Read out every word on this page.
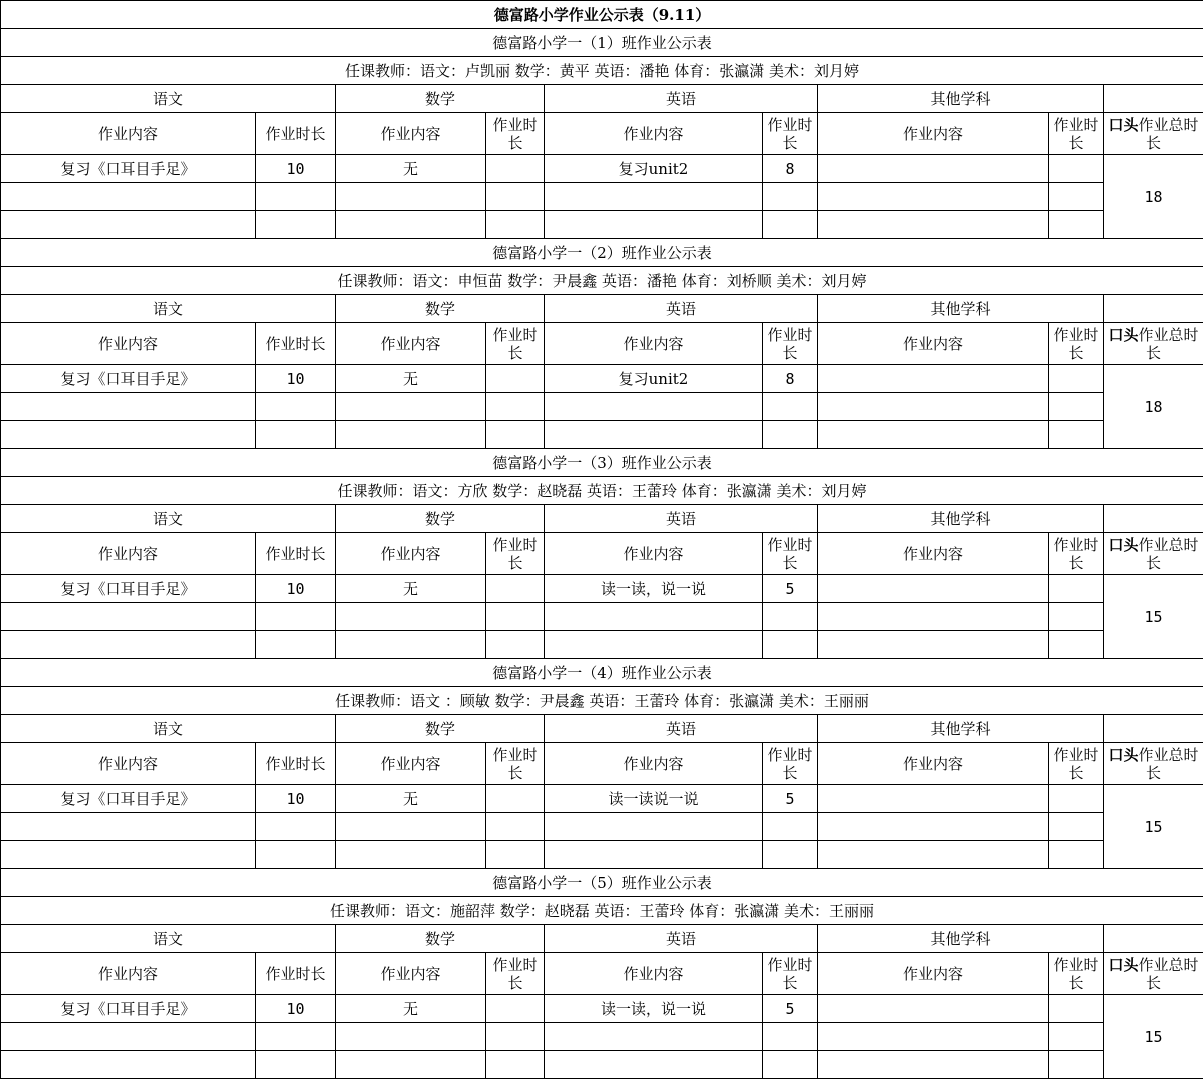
德富路小学作业公示表（9.11）								
德富路小学一（1）班作业公示表								
任课教师：语文：卢凯丽 数学：黄平 英语：潘艳 体育：张瀛潇 美术：刘月婷								
语文		数学		英语		其他学科		
作业内容	作业时长	作业内容	作业时长	作业内容	作业时长	作业内容	作业时长	口头作业总时长
复习《口耳目手足》	10	无		复习unit2	8			18

德富路小学一（2）班作业公示表								
任课教师：语文：申恒苗 数学：尹晨鑫 英语：潘艳 体育：刘桥顺 美术：刘月婷								
语文		数学		英语		其他学科		
作业内容	作业时长	作业内容	作业时长	作业内容	作业时长	作业内容	作业时长	口头作业总时长
复习《口耳目手足》	10	无		复习unit2	8			18

德富路小学一（3）班作业公示表								
任课教师：语文：方欣 数学：赵晓磊 英语：王蕾玲 体育：张瀛潇 美术：刘月婷								
语文		数学		英语		其他学科		
作业内容	作业时长	作业内容	作业时长	作业内容	作业时长	作业内容	作业时长	口头作业总时长
复习《口耳目手足》	10	无		读一读，说一说	5			15

德富路小学一（4）班作业公示表								
任课教师：语文 ：顾敏 数学：尹晨鑫 英语：王蕾玲 体育：张瀛潇 美术：王丽丽								
语文		数学		英语		其他学科		
作业内容	作业时长	作业内容	作业时长	作业内容	作业时长	作业内容	作业时长	口头作业总时长
复习《口耳目手足》	10	无		读一读说一说	5			15

德富路小学一（5）班作业公示表								
任课教师：语文：施韶萍 数学：赵晓磊 英语：王蕾玲 体育：张瀛潇 美术：王丽丽								
语文		数学		英语		其他学科		
作业内容	作业时长	作业内容	作业时长	作业内容	作业时长	作业内容	作业时长	口头作业总时长
复习《口耳目手足》	10	无		读一读，说一说	5			15
